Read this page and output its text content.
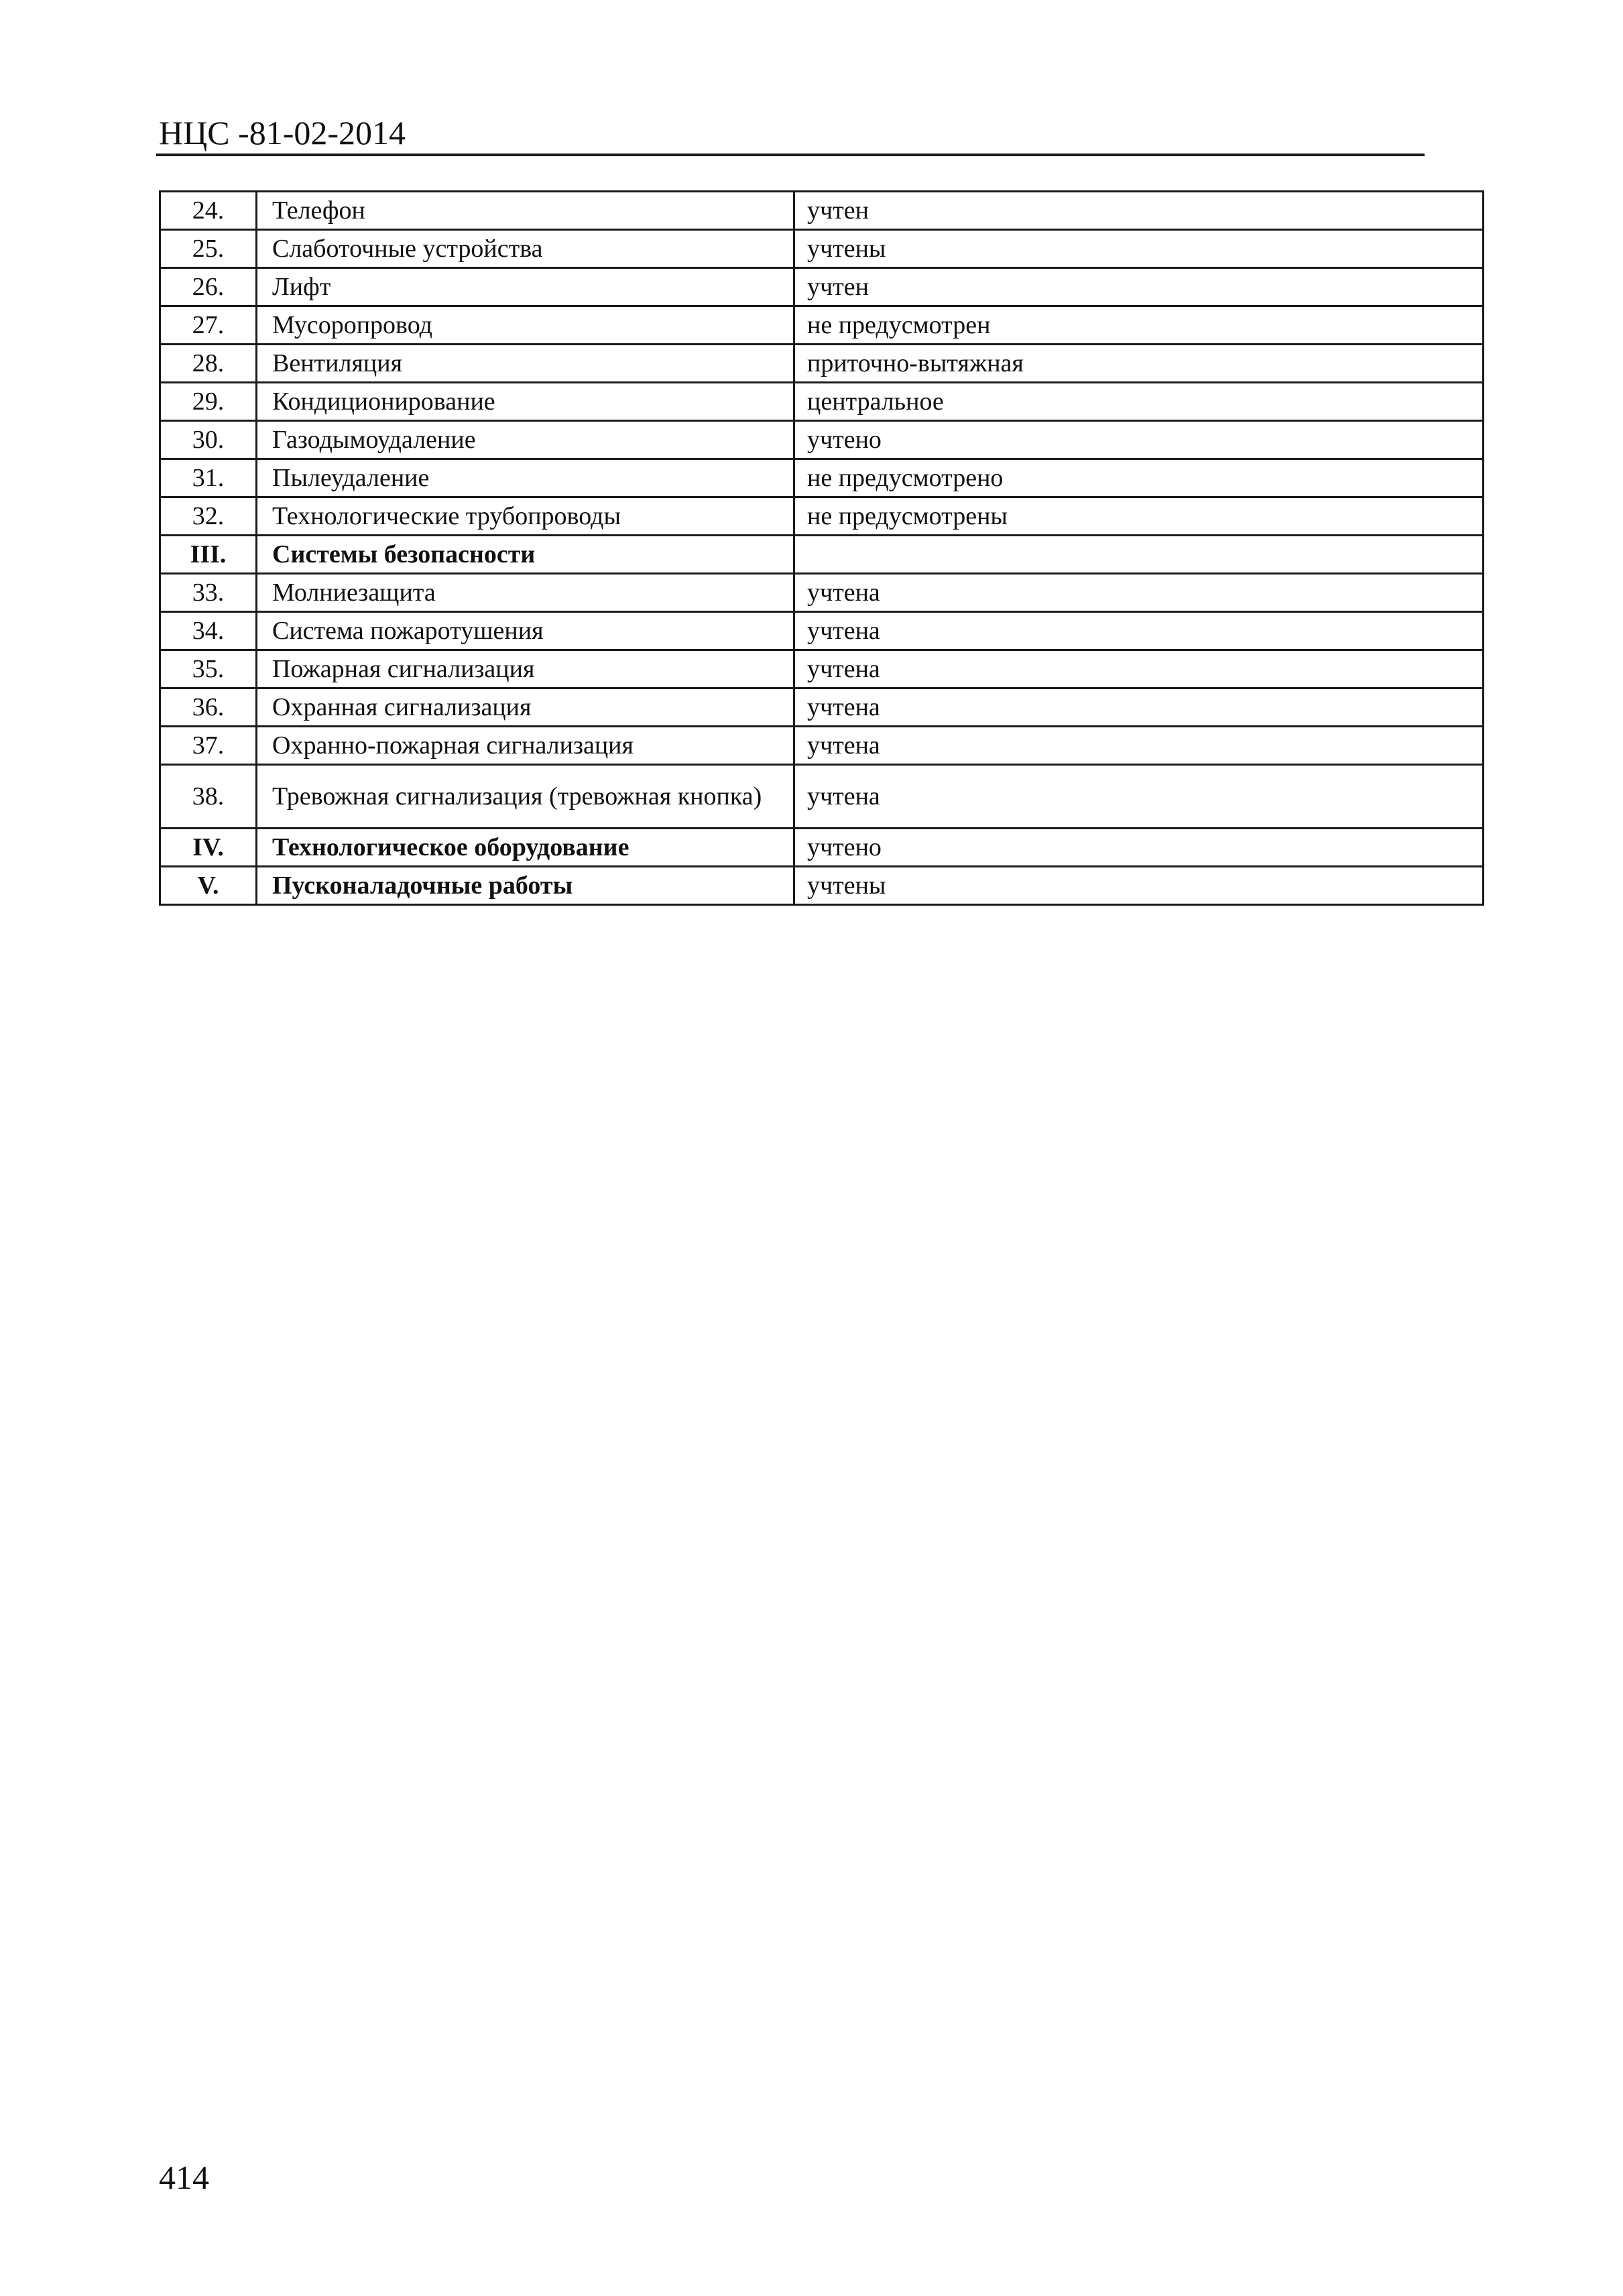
НЦС -81-02-2014
24.	Телефон	учтен
25.	Слаботочные устройства	учтены
26.	Лифт	учтен
27.	Мусоропровод	не предусмотрен
28.	Вентиляция	приточно-вытяжная
29.	Кондиционирование	центральное
30.	Газодымоудаление	учтено
31.	Пылеудаление	не предусмотрено
32.	Технологические трубопроводы	не предусмотрены
III.	Системы безопасности	
33.	Молниезащита	учтена
34.	Система пожаротушения	учтена
35.	Пожарная сигнализация	учтена
36.	Охранная сигнализация	учтена
37.	Охранно-пожарная сигнализация	учтена
38.	Тревожная сигнализация (тревожная кнопка)	учтена
IV.	Технологическое оборудование	учтено
V.	Пусконаладочные работы	учтены
414
